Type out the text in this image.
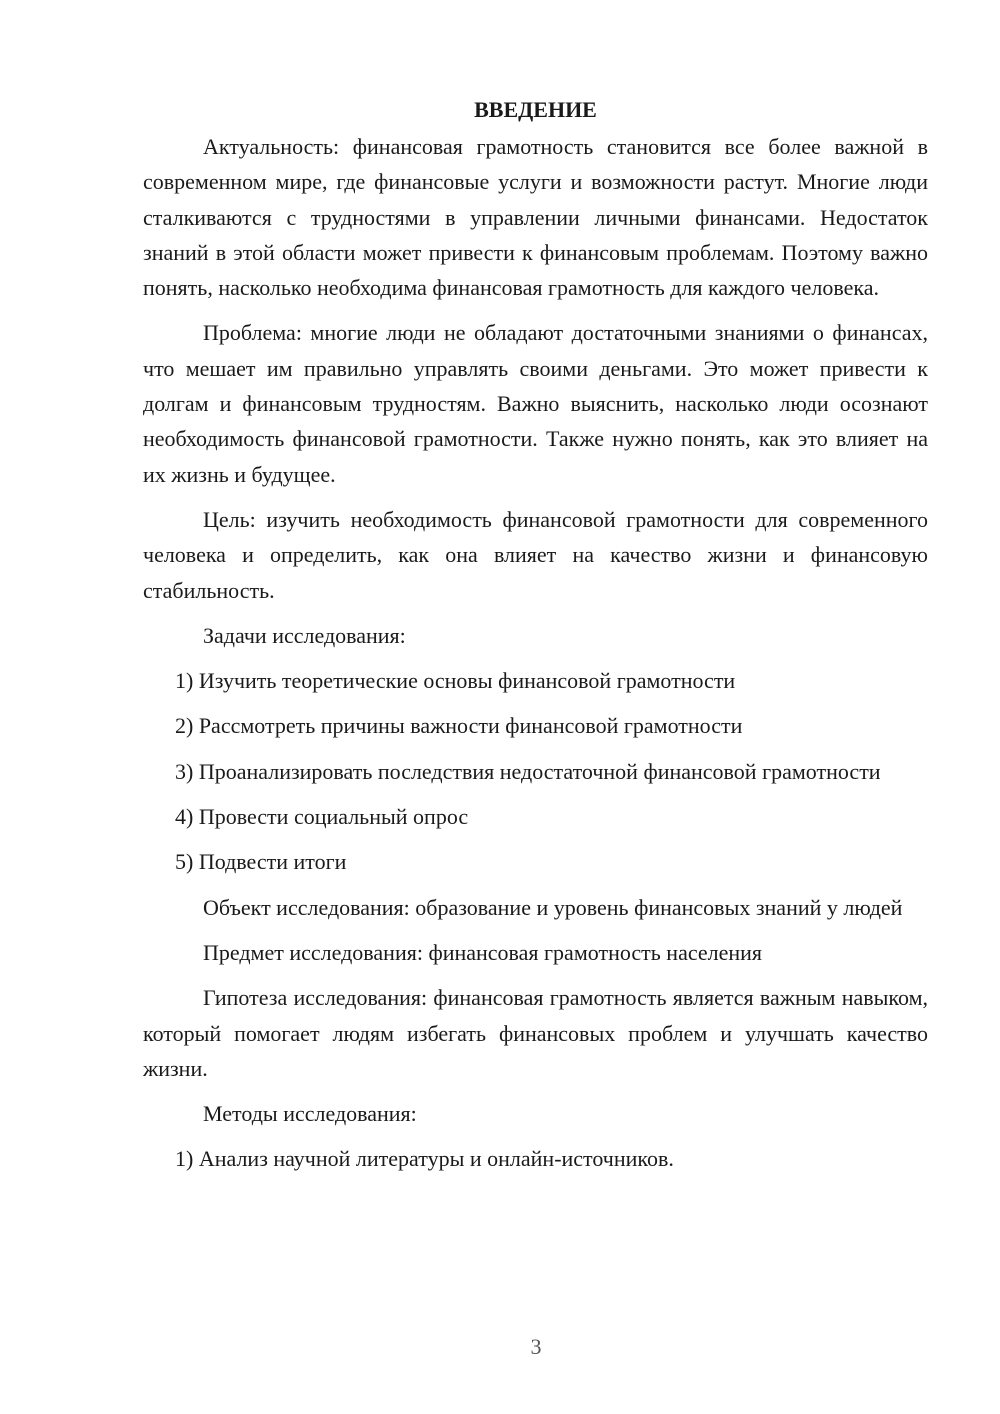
ВВЕДЕНИЕ

Актуальность: финансовая грамотность становится все более важной в современном мире, где финансовые услуги и возможности растут. Многие люди сталкиваются с трудностями в управлении личными финансами. Недостаток знаний в этой области может привести к финансовым проблемам. Поэтому важно понять, насколько необходима финансовая грамотность для каждого человека.

Проблема: многие люди не обладают достаточными знаниями о финансах, что мешает им правильно управлять своими деньгами. Это может привести к долгам и финансовым трудностям. Важно выяснить, насколько люди осознают необходимость финансовой грамотности. Также нужно понять, как это влияет на их жизнь и будущее.

Цель: изучить необходимость финансовой грамотности для современного человека и определить, как она влияет на качество жизни и финансовую стабильность.

Задачи исследования:

1) Изучить теоретические основы финансовой грамотности

2) Рассмотреть причины важности финансовой грамотности

3) Проанализировать последствия недостаточной финансовой грамотности

4) Провести социальный опрос

5) Подвести итоги

Объект исследования: образование и уровень финансовых знаний у людей

Предмет исследования: финансовая грамотность населения

Гипотеза исследования: финансовая грамотность является важным навыком, который помогает людям избегать финансовых проблем и улучшать качество жизни.

Методы исследования:

1) Анализ научной литературы и онлайн-источников.

3
